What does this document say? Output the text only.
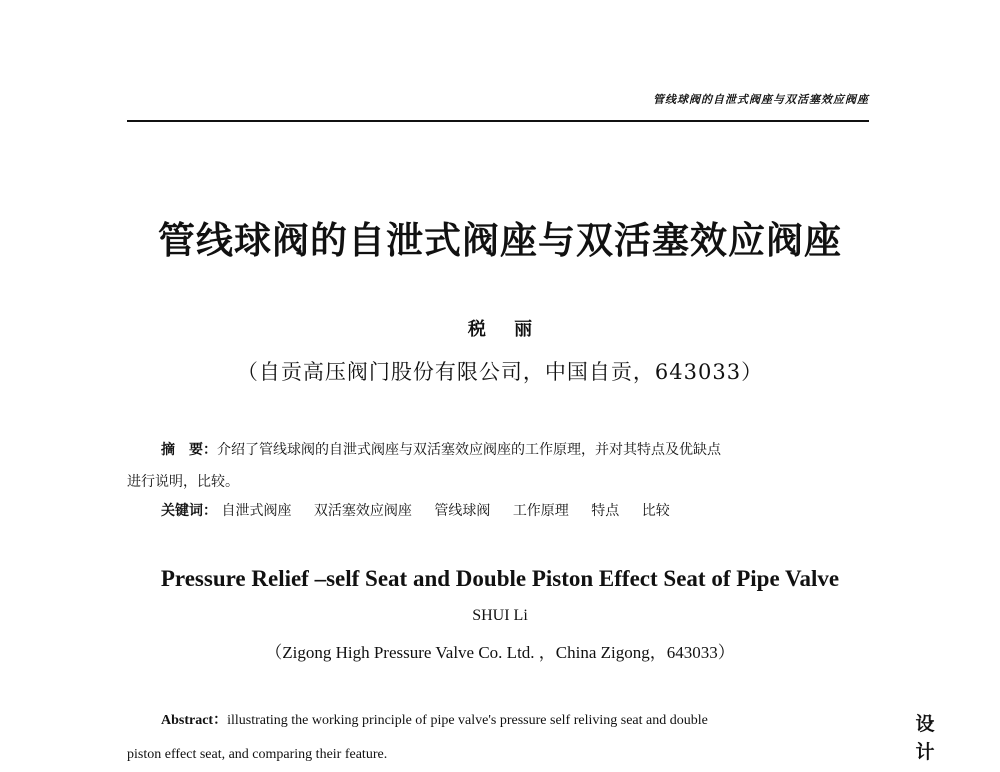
管线球阀的自泄式阀座与双活塞效应阀座
管线球阀的自泄式阀座与双活塞效应阀座
税 丽
（自贡高压阀门股份有限公司，中国自贡，643033）
摘　要：介绍了管线球阀的自泄式阀座与双活塞效应阀座的工作原理，并对其特点及优缺点
进行说明，比较。
关键词： 自泄式阀座 双活塞效应阀座 管线球阀 工作原理 特点 比较
Pressure Relief –self Seat and Double Piston Effect Seat of Pipe Valve
SHUI Li
（Zigong High Pressure Valve Co. Ltd. ，China Zigong，643033）
Abstract：illustrating the working principle of pipe valve's pressure self reliving seat and double
piston effect seat, and comparing their feature.
设
计
